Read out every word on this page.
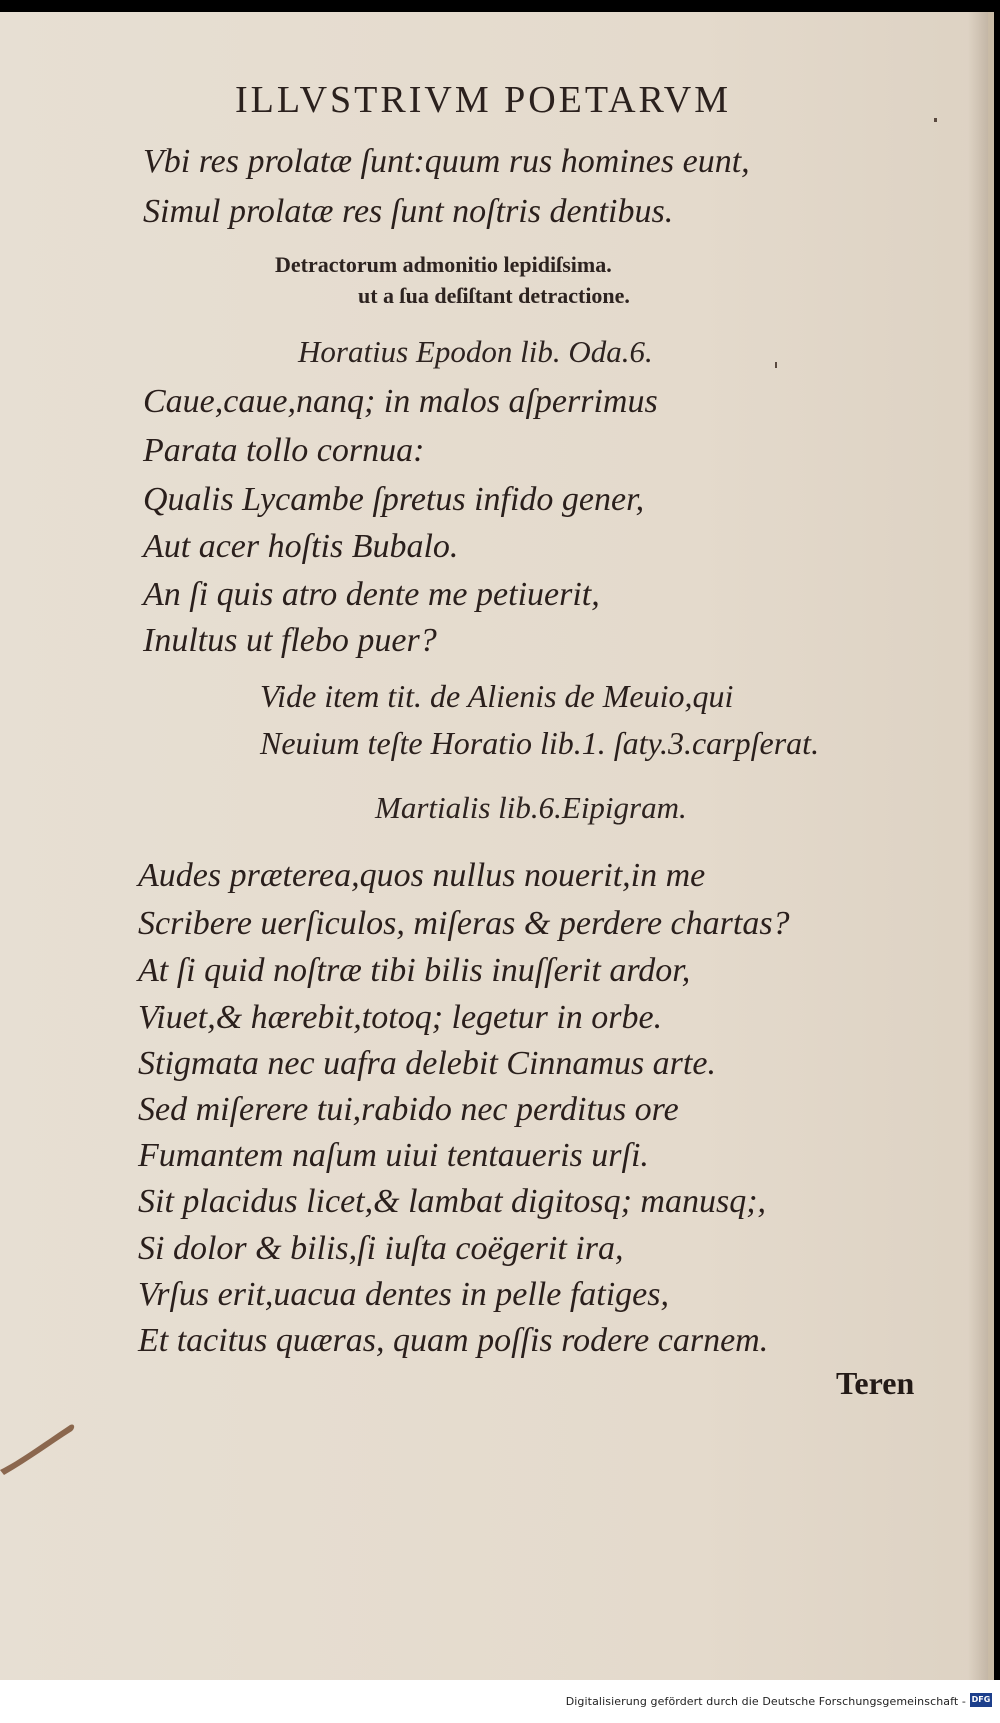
ILLVSTRIVM POETARVM
Vbi res prolatæ ſunt:quum rus homines eunt,
Simul prolatæ res ſunt noſtris dentibus.
Detractorum admonitio lepidiſsima.
ut a ſua deſiſtant detractione.
Horatius Epodon lib. Oda.6.
Caue,caue,nanq; in malos aſperrimus
Parata tollo cornua:
Qualis Lycambe ſpretus infido gener,
Aut acer hoſtis Bubalo.
An ſi quis atro dente me petiuerit,
Inultus ut flebo puer?
Vide item tit. de Alienis de Meuio,qui
Neuium teſte Horatio lib.1. ſaty.3.carpſerat.
Martialis lib.6.Eipigram.
Audes præterea,quos nullus nouerit,in me
Scribere uerſiculos, miſeras & perdere chartas?
At ſi quid noſtræ tibi bilis inuſſerit ardor,
Viuet,& hærebit,totoq; legetur in orbe.
Stigmata nec uafra delebit Cinnamus arte.
Sed miſerere tui,rabido nec perditus ore
Fumantem naſum uiui tentaueris urſi.
Sit placidus licet,& lambat digitosq; manusq;,
Si dolor & bilis,ſi iuſta coëgerit ira,
Vrſus erit,uacua dentes in pelle fatiges,
Et tacitus quæras, quam poſſis rodere carnem.
Teren
Digitalisierung gefördert durch die Deutsche Forschungsgemeinschaft - DFG
